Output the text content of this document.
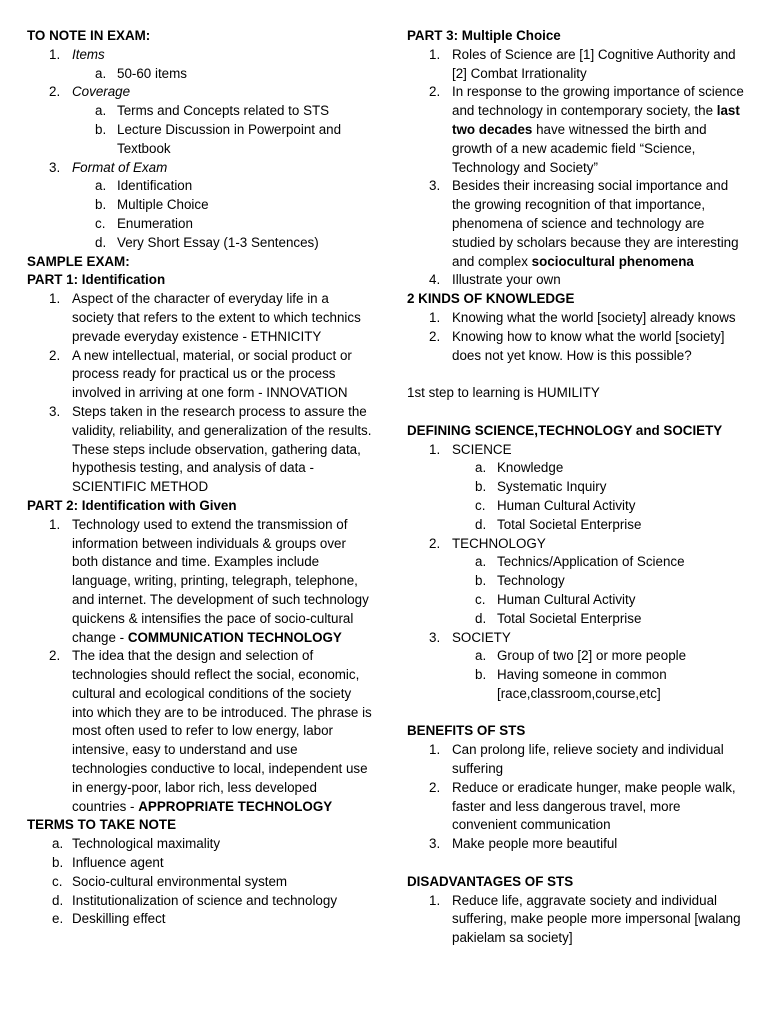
TO NOTE IN EXAM:
1. Items
a. 50-60 items
2. Coverage
a. Terms and Concepts related to STS
b. Lecture Discussion in Powerpoint and Textbook
3. Format of Exam
a. Identification
b. Multiple Choice
c. Enumeration
d. Very Short Essay (1-3 Sentences)
SAMPLE EXAM:
PART 1: Identification
1. Aspect of the character of everyday life in a society that refers to the extent to which technics prevade everyday existence - ETHNICITY
2. A new intellectual, material, or social product or process ready for practical us or the process involved in arriving at one form - INNOVATION
3. Steps taken in the research process to assure the validity, reliability, and generalization of the results. These steps include observation, gathering data, hypothesis testing, and analysis of data - SCIENTIFIC METHOD
PART 2: Identification with Given
1. Technology used to extend the transmission of information between individuals & groups over both distance and time. Examples include language, writing, printing, telegraph, telephone, and internet. The development of such technology quickens & intensifies the pace of socio-cultural change - COMMUNICATION TECHNOLOGY
2. The idea that the design and selection of technologies should reflect the social, economic, cultural and ecological conditions of the society into which they are to be introduced. The phrase is most often used to refer to low energy, labor intensive, easy to understand and use technologies conductive to local, independent use in energy-poor, labor rich, less developed countries - APPROPRIATE TECHNOLOGY
TERMS TO TAKE NOTE
a. Technological maximality
b. Influence agent
c. Socio-cultural environmental system
d. Institutionalization of science and technology
e. Deskilling effect
PART 3: Multiple Choice
1. Roles of Science are [1] Cognitive Authority and [2] Combat Irrationality
2. In response to the growing importance of science and technology in contemporary society, the last two decades have witnessed the birth and growth of a new academic field “Science, Technology and Society”
3. Besides their increasing social importance and the growing recognition of that importance, phenomena of science and technology are studied by scholars because they are interesting and complex sociocultural phenomena
4. Illustrate your own
2 KINDS OF KNOWLEDGE
1. Knowing what the world [society] already knows
2. Knowing how to know what the world [society] does not yet know. How is this possible?
1st step to learning is HUMILITY
DEFINING SCIENCE,TECHNOLOGY and SOCIETY
1. SCIENCE
a. Knowledge
b. Systematic Inquiry
c. Human Cultural Activity
d. Total Societal Enterprise
2. TECHNOLOGY
a. Technics/Application of Science
b. Technology
c. Human Cultural Activity
d. Total Societal Enterprise
3. SOCIETY
a. Group of two [2] or more people
b. Having someone in common [race,classroom,course,etc]
BENEFITS OF STS
1. Can prolong life, relieve society and individual suffering
2. Reduce or eradicate hunger, make people walk, faster and less dangerous travel, more convenient communication
3. Make people more beautiful
DISADVANTAGES OF STS
1. Reduce life, aggravate society and individual suffering, make people more impersonal [walang pakielam sa society]
